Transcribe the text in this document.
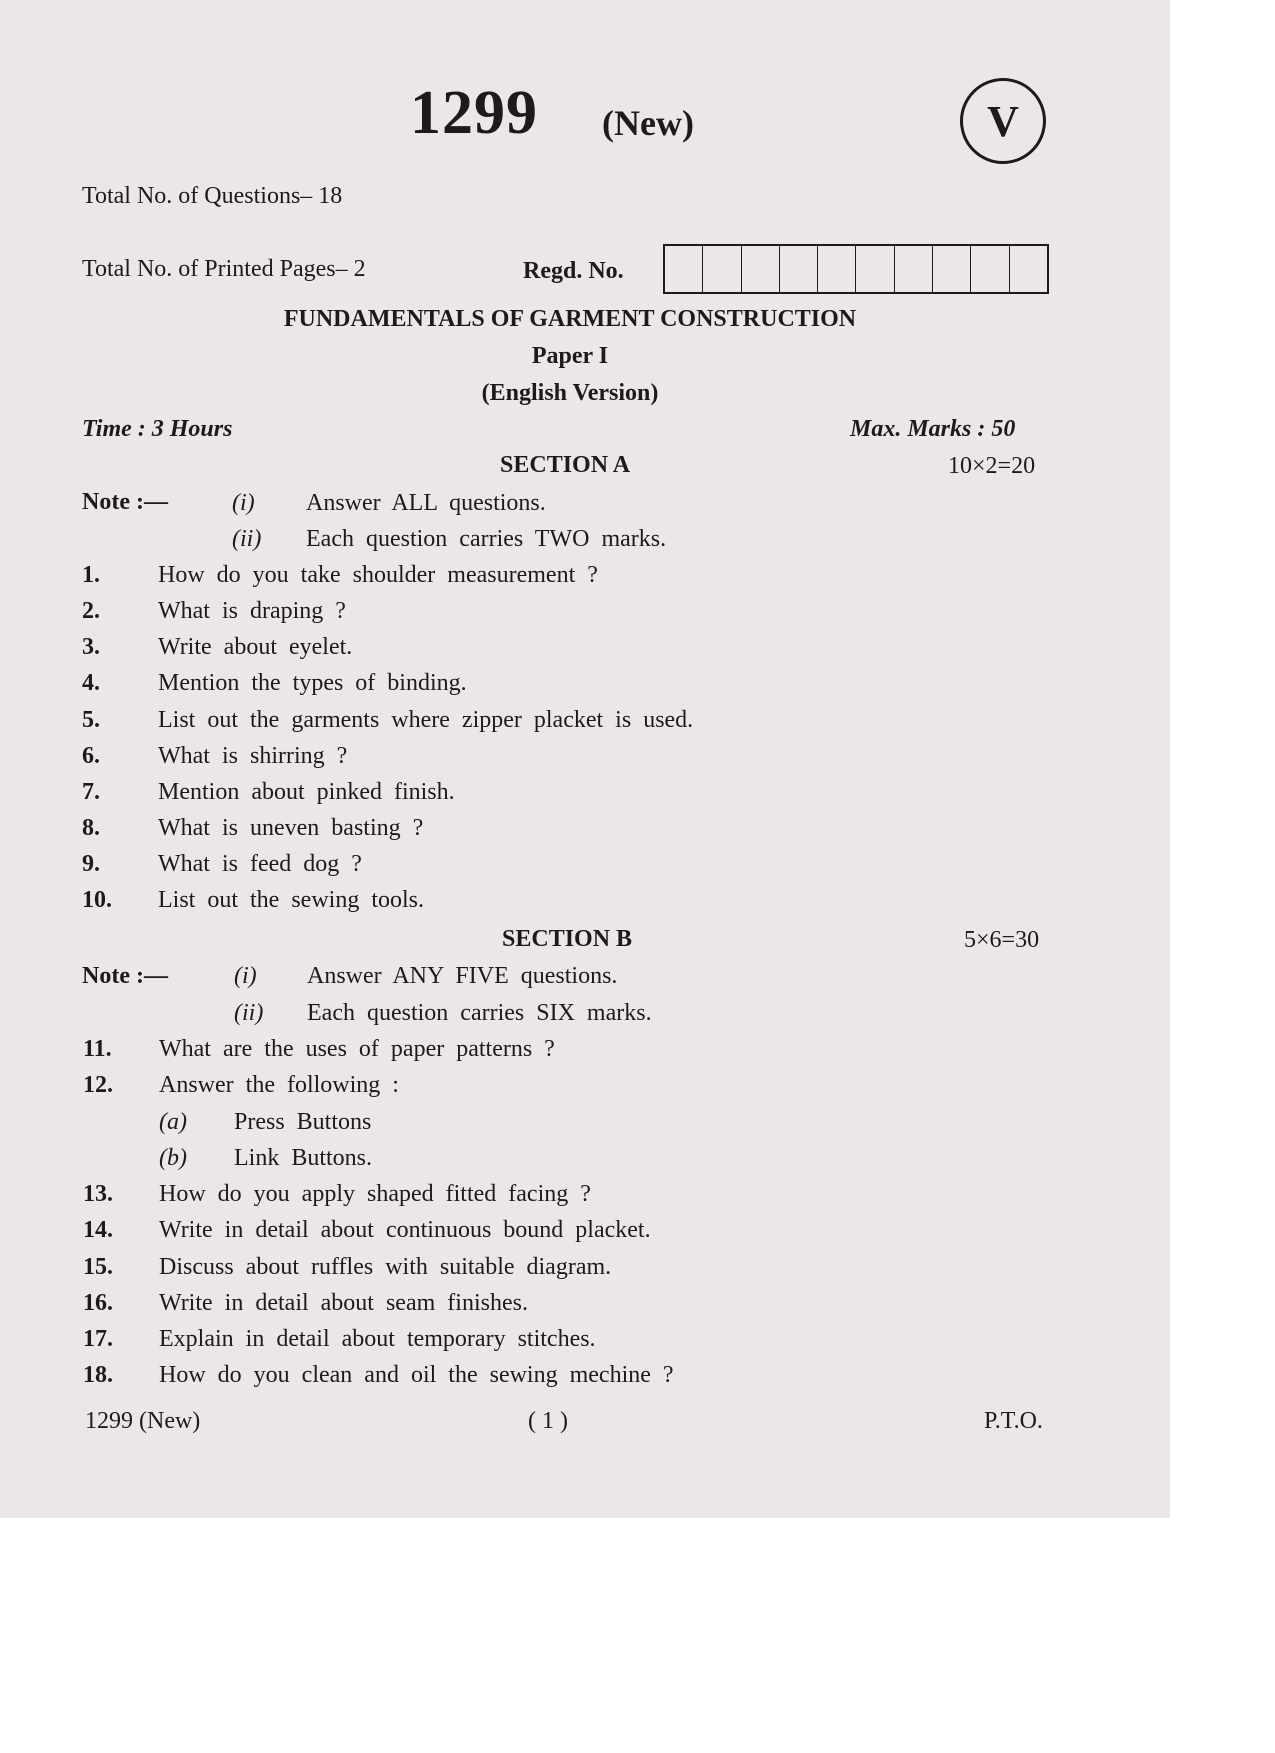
1299 (New)	V
Total No. of Questions– 18
Total No. of Printed Pages– 2	Regd. No.
FUNDAMENTALS OF GARMENT CONSTRUCTION
Paper I
(English Version)
Time : 3 Hours	Max. Marks : 50
SECTION A	10×2=20
Note :—	(i) Answer ALL questions.
(ii) Each question carries TWO marks.
1. How do you take shoulder measurement ?
2. What is draping ?
3. Write about eyelet.
4. Mention the types of binding.
5. List out the garments where zipper placket is used.
6. What is shirring ?
7. Mention about pinked finish.
8. What is uneven basting ?
9. What is feed dog ?
10. List out the sewing tools.
SECTION B	5×6=30
Note :—	(i) Answer ANY FIVE questions.
(ii) Each question carries SIX marks.
11. What are the uses of paper patterns ?
12. Answer the following :
(a) Press Buttons
(b) Link Buttons.
13. How do you apply shaped fitted facing ?
14. Write in detail about continuous bound placket.
15. Discuss about ruffles with suitable diagram.
16. Write in detail about seam finishes.
17. Explain in detail about temporary stitches.
18. How do you clean and oil the sewing mechine ?
1299 (New)	( 1 )	P.T.O.
